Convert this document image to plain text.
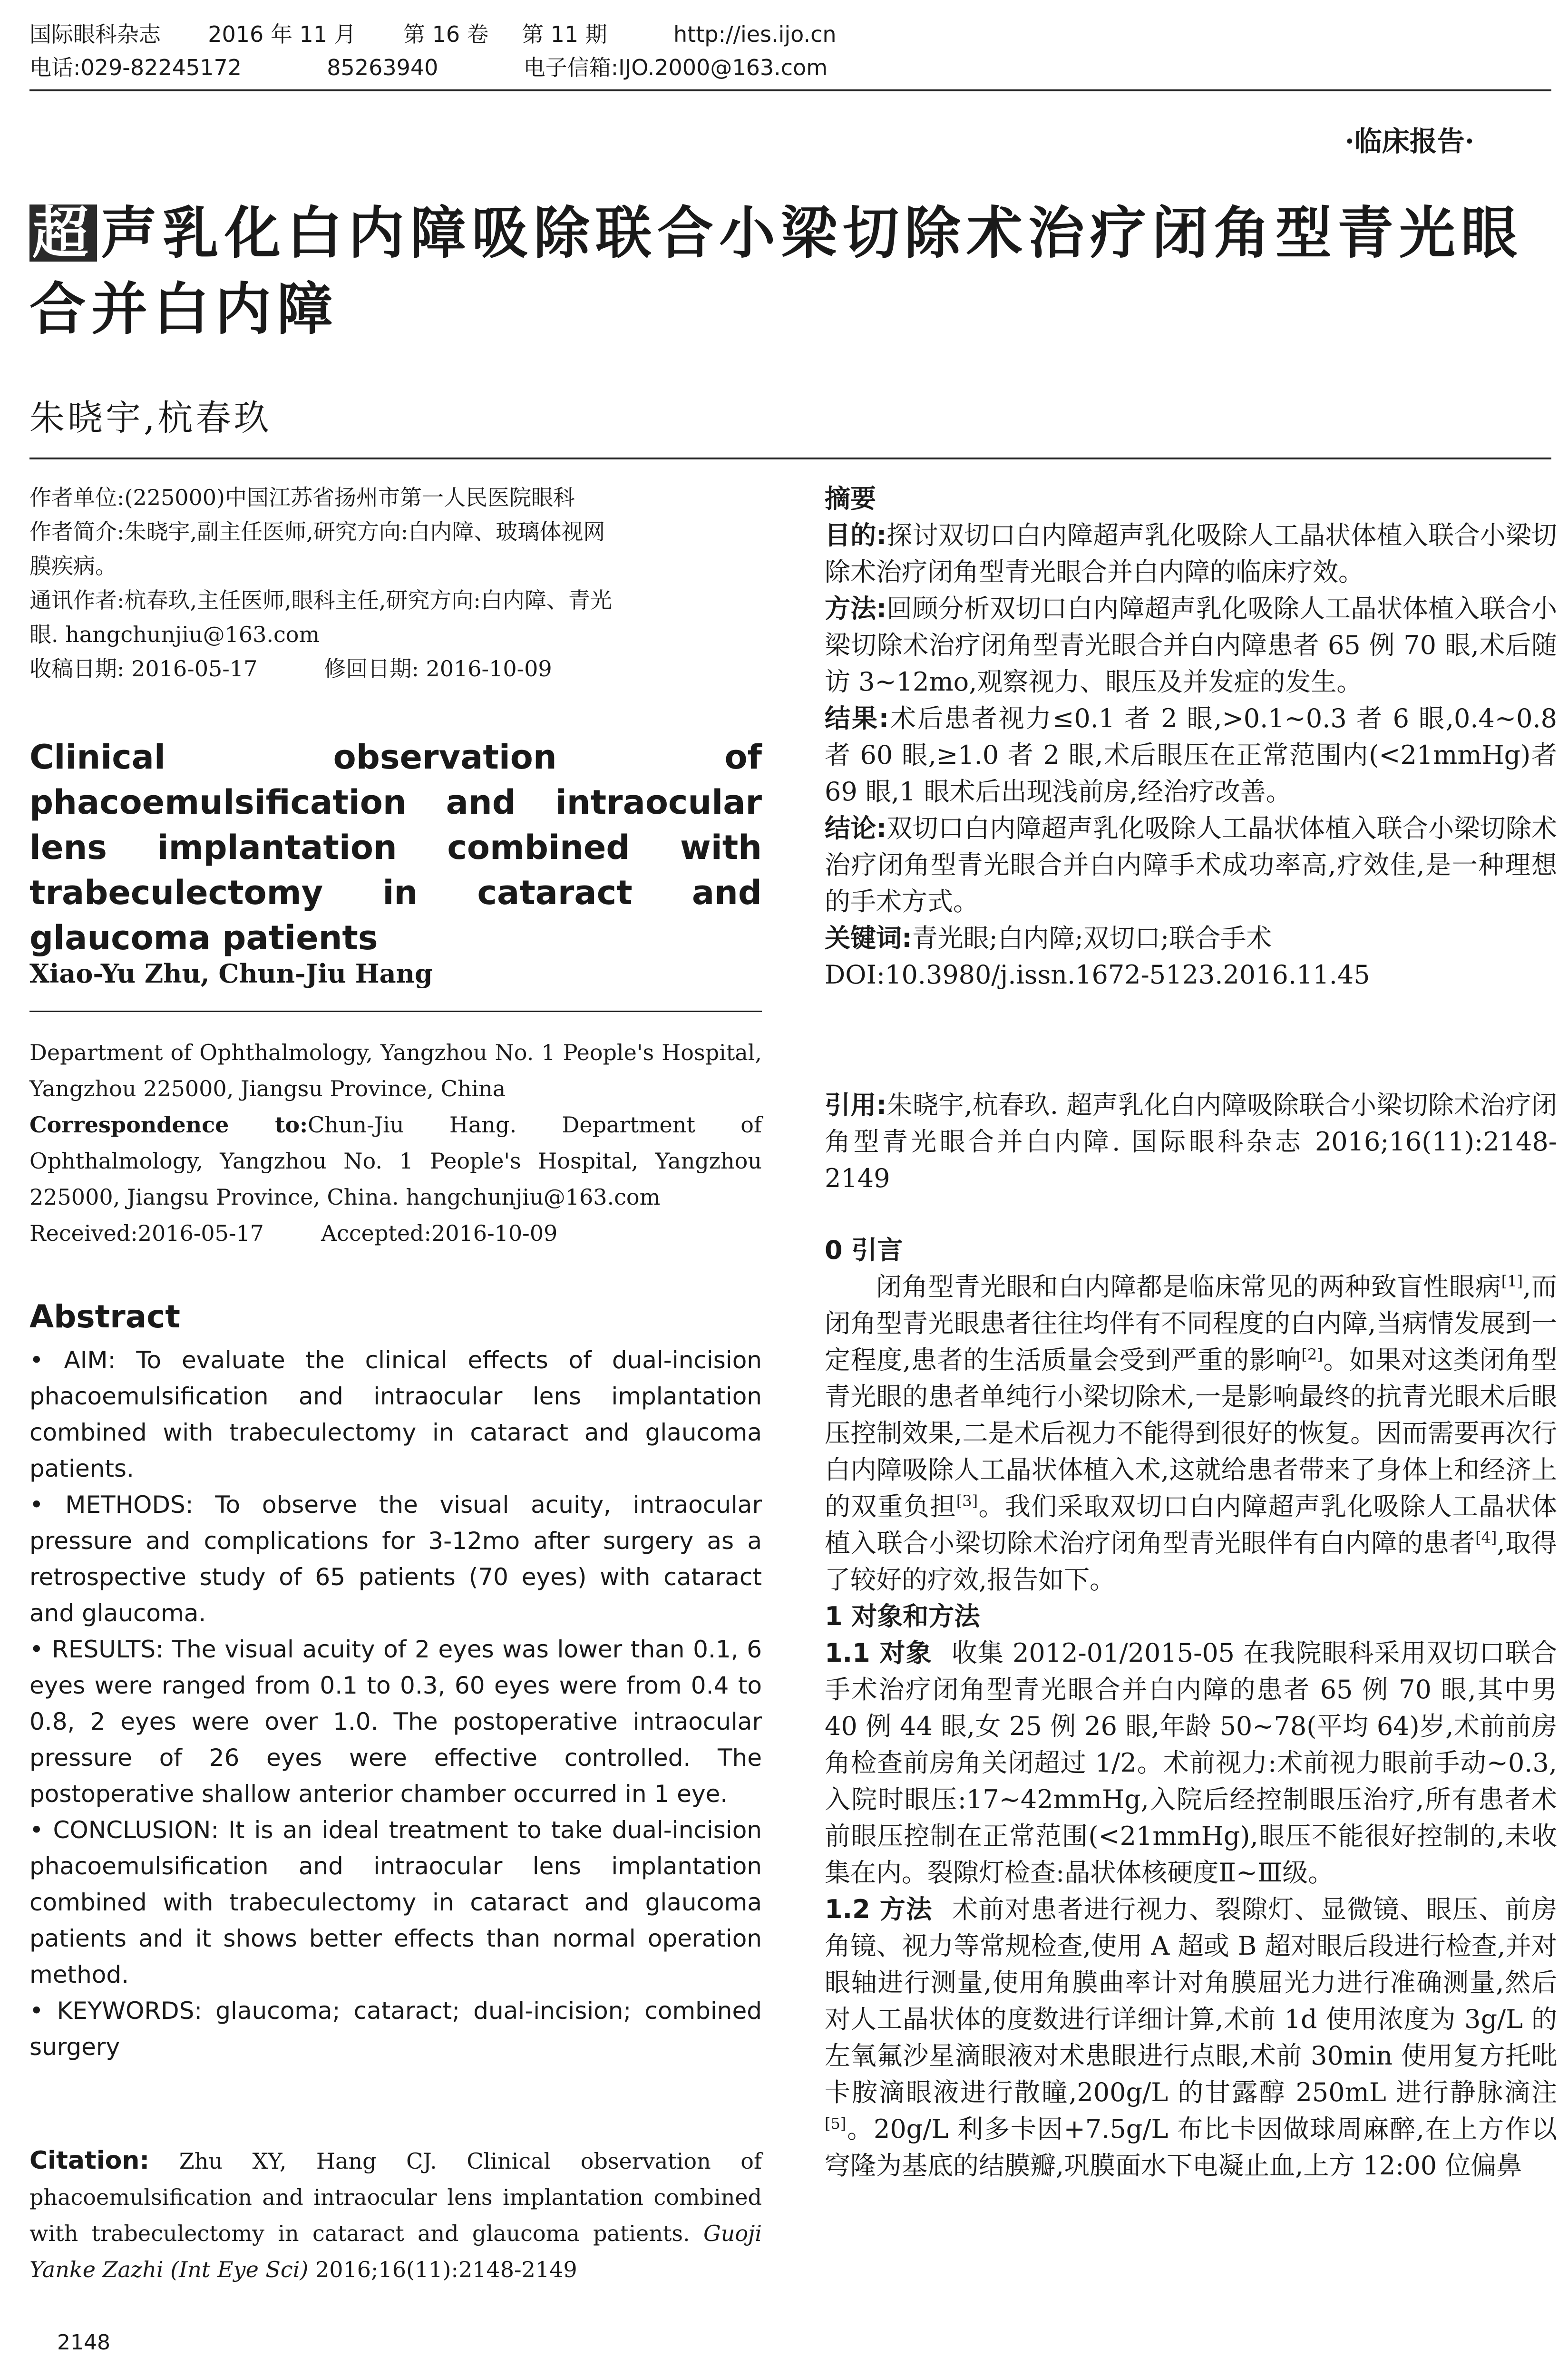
国际眼科杂志 2016 年 11 月 第 16 卷 第 11 期	http://ies.ijo.cn
电话:029-82245172	85263940	电子信箱:IJO.2000@163.com
·临床报告·
超 声乳化白内障吸除联合小梁切除术治疗闭角型青光眼
合并白内障
朱晓宇,杭春玖

作者单位:(225000)中国江苏省扬州市第一人民医院眼科

作者简介:朱晓宇,副主任医师,研究方向:白内障、玻璃体视网

膜疾病。

通讯作者:杭春玖,主任医师,眼科主任,研究方向:白内障、青光

眼. hangchunjiu@163.com

收稿日期: 2016-05-17	修回日期: 2016-10-09

Clinical observation of phacoemulsification and intraocular lens implantation combined with trabeculectomy in cataract and glaucoma patients
Xiao-Yu Zhu, Chun-Jiu Hang

Department of Ophthalmology, Yangzhou No. 1 People's Hospital, Yangzhou 225000, Jiangsu Province, China

Correspondence to:Chun-Jiu Hang. Department of Ophthalmology, Yangzhou No. 1 People's Hospital, Yangzhou 225000, Jiangsu Province, China. hangchunjiu@163.com

Received:2016-05-17	Accepted:2016-10-09

Abstract

• AIM: To evaluate the clinical effects of dual-incision phacoemulsification and intraocular lens implantation combined with trabeculectomy in cataract and glaucoma patients.

• METHODS: To observe the visual acuity, intraocular pressure and complications for 3-12mo after surgery as a retrospective study of 65 patients (70 eyes) with cataract and glaucoma.

• RESULTS: The visual acuity of 2 eyes was lower than 0.1, 6 eyes were ranged from 0.1 to 0.3, 60 eyes were from 0.4 to 0.8, 2 eyes were over 1.0. The postoperative intraocular pressure of 26 eyes were effective controlled. The postoperative shallow anterior chamber occurred in 1 eye.

• CONCLUSION: It is an ideal treatment to take dual-incision phacoemulsification and intraocular lens implantation combined with trabeculectomy in cataract and glaucoma patients and it shows better effects than normal operation method.

• KEYWORDS: glaucoma; cataract; dual-incision; combined surgery

Citation: Zhu XY, Hang CJ. Clinical observation of phacoemulsification and intraocular lens implantation combined with trabeculectomy in cataract and glaucoma patients. Guoji Yanke Zazhi (Int Eye Sci) 2016;16(11):2148-2149

2148

摘要

目的:探讨双切口白内障超声乳化吸除人工晶状体植入联合小梁切除术治疗闭角型青光眼合并白内障的临床疗效。

方法:回顾分析双切口白内障超声乳化吸除人工晶状体植入联合小梁切除术治疗闭角型青光眼合并白内障患者 65 例 70 眼,术后随访 3~12mo,观察视力、眼压及并发症的发生。

结果:术后患者视力≤0.1 者 2 眼,>0.1~0.3 者 6 眼,0.4~0.8 者 60 眼,≥1.0 者 2 眼,术后眼压在正常范围内(<21mmHg)者 69 眼,1 眼术后出现浅前房,经治疗改善。

结论:双切口白内障超声乳化吸除人工晶状体植入联合小梁切除术治疗闭角型青光眼合并白内障手术成功率高,疗效佳,是一种理想的手术方式。

关键词:青光眼;白内障;双切口;联合手术

DOI:10.3980/j.issn.1672-5123.2016.11.45

引用:朱晓宇,杭春玖. 超声乳化白内障吸除联合小梁切除术治疗闭角型青光眼合并白内障. 国际眼科杂志 2016;16(11):2148-2149

0 引言

闭角型青光眼和白内障都是临床常见的两种致盲性眼病[1],而闭角型青光眼患者往往均伴有不同程度的白内障,当病情发展到一定程度,患者的生活质量会受到严重的影响[2]。如果对这类闭角型青光眼的患者单纯行小梁切除术,一是影响最终的抗青光眼术后眼压控制效果,二是术后视力不能得到很好的恢复。因而需要再次行白内障吸除人工晶状体植入术,这就给患者带来了身体上和经济上的双重负担[3]。我们采取双切口白内障超声乳化吸除人工晶状体植入联合小梁切除术治疗闭角型青光眼伴有白内障的患者[4],取得了较好的疗效,报告如下。

1 对象和方法

1.1 对象 收集 2012-01/2015-05 在我院眼科采用双切口联合手术治疗闭角型青光眼合并白内障的患者 65 例 70 眼,其中男 40 例 44 眼,女 25 例 26 眼,年龄 50~78(平均 64)岁,术前前房角检查前房角关闭超过 1/2。术前视力:术前视力眼前手动~0.3,入院时眼压:17~42mmHg,入院后经控制眼压治疗,所有患者术前眼压控制在正常范围(<21mmHg),眼压不能很好控制的,未收集在内。裂隙灯检查:晶状体核硬度Ⅱ~Ⅲ级。

1.2 方法 术前对患者进行视力、裂隙灯、显微镜、眼压、前房角镜、视力等常规检查,使用 A 超或 B 超对眼后段进行检查,并对眼轴进行测量,使用角膜曲率计对角膜屈光力进行准确测量,然后对人工晶状体的度数进行详细计算,术前 1d 使用浓度为 3g/L 的左氧氟沙星滴眼液对术患眼进行点眼,术前 30min 使用复方托吡卡胺滴眼液进行散瞳,200g/L 的甘露醇 250mL 进行静脉滴注[5]。20g/L 利多卡因+7.5g/L 布比卡因做球周麻醉,在上方作以穹隆为基底的结膜瓣,巩膜面水下电凝止血,上方 12:00 位偏鼻
